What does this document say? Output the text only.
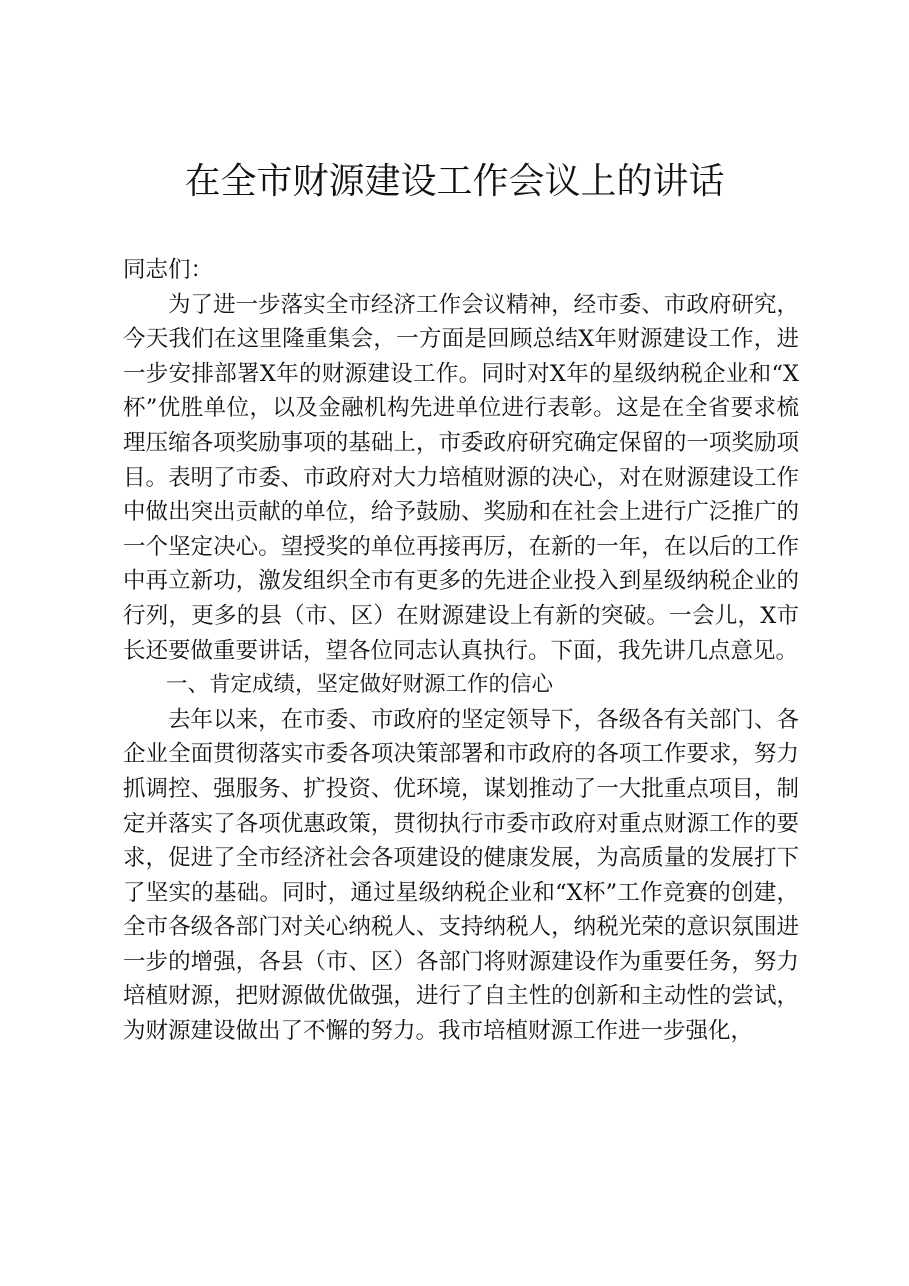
在全市财源建设工作会议上的讲话

同志们：

为了进一步落实全市经济工作会议精神，经市委、市政府研究，今天我们在这里隆重集会，一方面是回顾总结X年财源建设工作，进一步安排部署X年的财源建设工作。同时对X年的星级纳税企业和“X杯”优胜单位，以及金融机构先进单位进行表彰。这是在全省要求梳理压缩各项奖励事项的基础上，市委政府研究确定保留的一项奖励项目。表明了市委、市政府对大力培植财源的决心，对在财源建设工作中做出突出贡献的单位，给予鼓励、奖励和在社会上进行广泛推广的一个坚定决心。望授奖的单位再接再厉，在新的一年，在以后的工作中再立新功，激发组织全市有更多的先进企业投入到星级纳税企业的行列，更多的县（市、区）在财源建设上有新的突破。一会儿，X市长还要做重要讲话，望各位同志认真执行。下面，我先讲几点意见。

一、肯定成绩，坚定做好财源工作的信心

去年以来，在市委、市政府的坚定领导下，各级各有关部门、各企业全面贯彻落实市委各项决策部署和市政府的各项工作要求，努力抓调控、强服务、扩投资、优环境，谋划推动了一大批重点项目，制定并落实了各项优惠政策，贯彻执行市委市政府对重点财源工作的要求，促进了全市经济社会各项建设的健康发展，为高质量的发展打下了坚实的基础。同时，通过星级纳税企业和“X杯”工作竞赛的创建，全市各级各部门对关心纳税人、支持纳税人，纳税光荣的意识氛围进一步的增强，各县（市、区）各部门将财源建设作为重要任务，努力培植财源，把财源做优做强，进行了自主性的创新和主动性的尝试，为财源建设做出了不懈的努力。我市培植财源工作进一步强化，
